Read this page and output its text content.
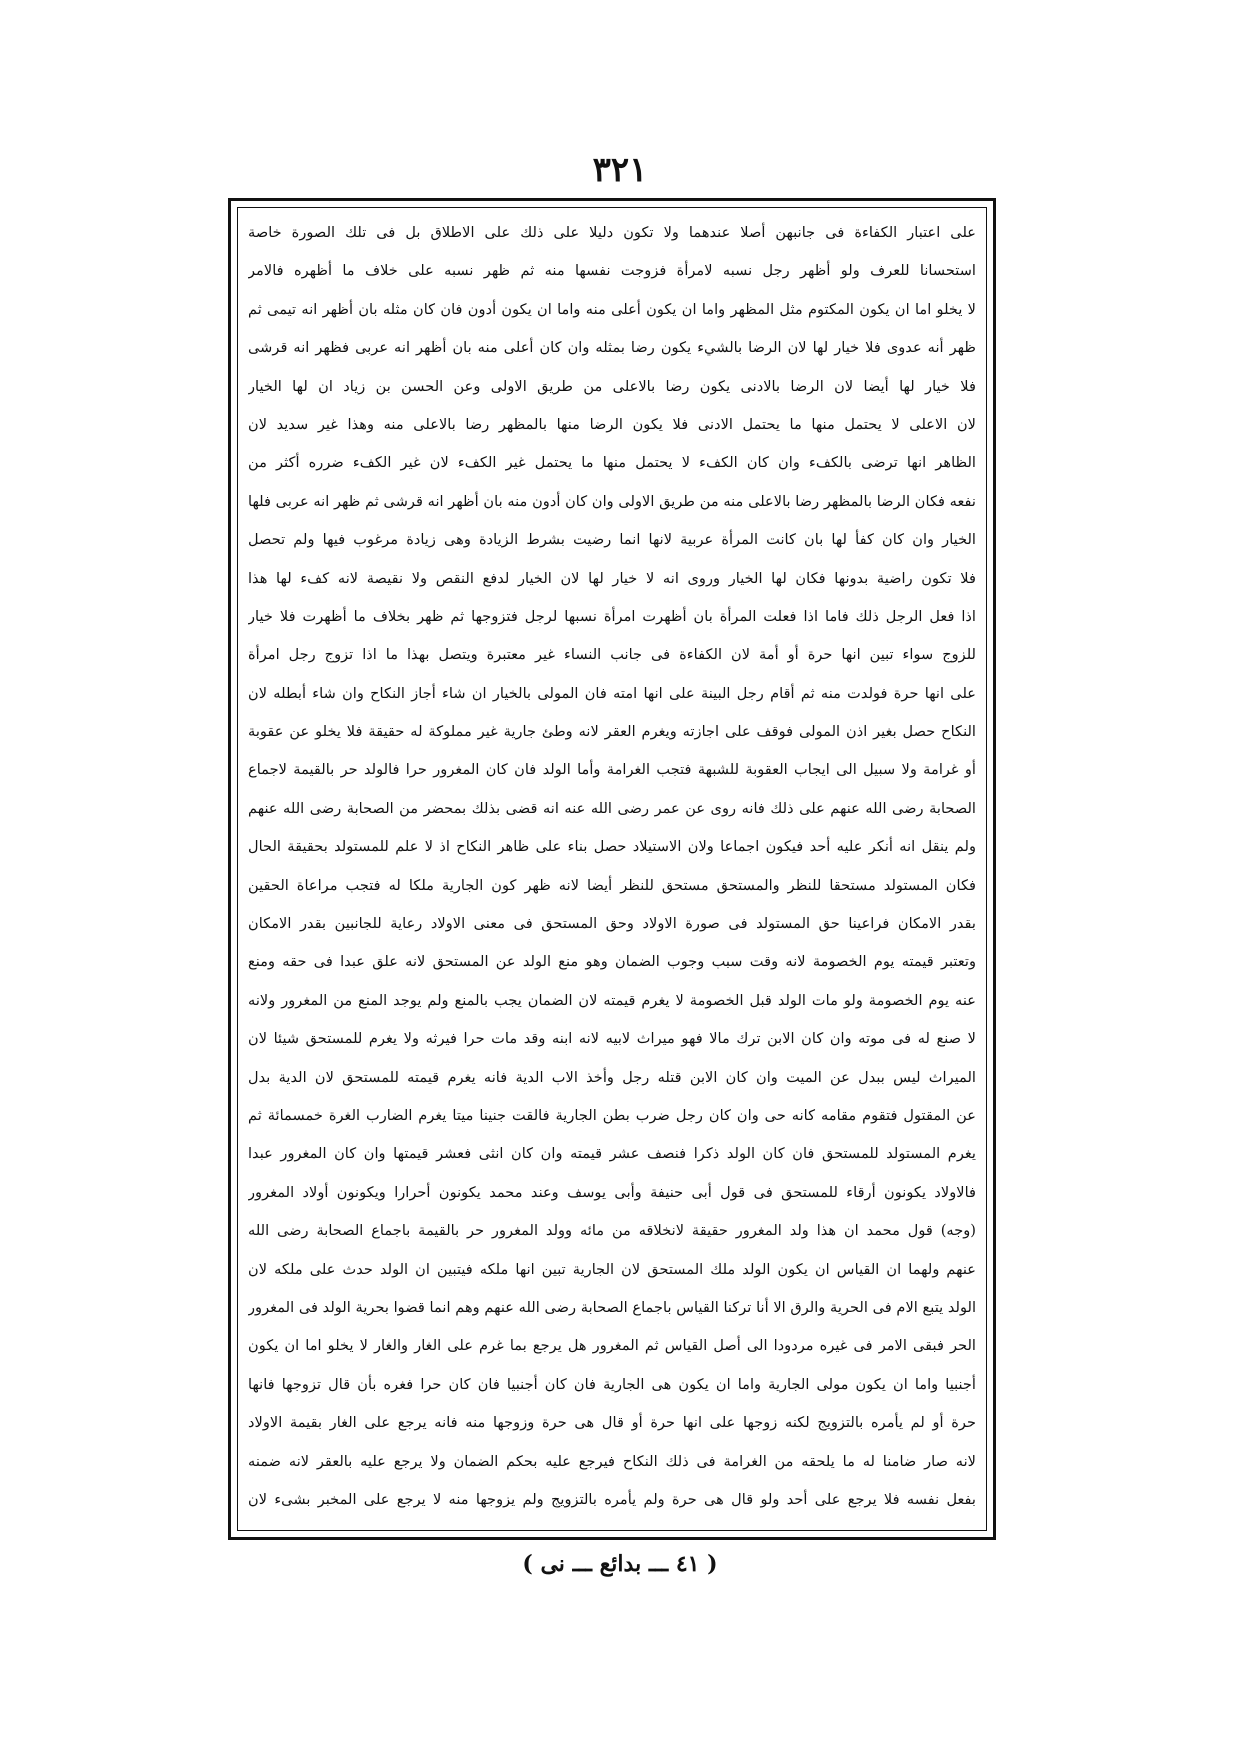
٣٢١
على اعتبار الكفاءة فى جانبهن أصلا عندهما ولا تكون دليلا على ذلك على الاطلاق بل فى تلك الصورة خاصة
استحسانا للعرف ولو أظهر رجل نسبه لامرأة فزوجت نفسها منه ثم ظهر نسبه على خلاف ما أظهره فالامر
لا يخلو اما ان يكون المكتوم مثل المظهر واما ان يكون أعلى منه واما ان يكون أدون فان كان مثله بان أظهر انه تيمى ثم
ظهر أنه عدوى فلا خيار لها لان الرضا بالشيء يكون رضا بمثله وان كان أعلى منه بان أظهر انه عربى فظهر انه قرشى
فلا خيار لها أيضا لان الرضا بالادنى يكون رضا بالاعلى من طريق الاولى وعن الحسن بن زياد ان لها الخيار
لان الاعلى لا يحتمل منها ما يحتمل الادنى فلا يكون الرضا منها بالمظهر رضا بالاعلى منه وهذا غير سديد لان
الظاهر انها ترضى بالكفء وان كان الكفء لا يحتمل منها ما يحتمل غير الكفء لان غير الكفء ضرره أكثر من
نفعه فكان الرضا بالمظهر رضا بالاعلى منه من طريق الاولى وان كان أدون منه بان أظهر انه قرشى ثم ظهر انه عربى فلها
الخيار وان كان كفأ لها بان كانت المرأة عربية لانها انما رضيت بشرط الزيادة وهى زيادة مرغوب فيها ولم تحصل
فلا تكون راضية بدونها فكان لها الخيار وروى انه لا خيار لها لان الخيار لدفع النقص ولا نقيصة لانه كفء لها هذا
اذا فعل الرجل ذلك فاما اذا فعلت المرأة بان أظهرت امرأة نسبها لرجل فتزوجها ثم ظهر بخلاف ما أظهرت فلا خيار
للزوج سواء تبين انها حرة أو أمة لان الكفاءة فى جانب النساء غير معتبرة ويتصل بهذا ما اذا تزوج رجل امرأة
على انها حرة فولدت منه ثم أقام رجل البينة على انها امته فان المولى بالخيار ان شاء أجاز النكاح وان شاء أبطله لان
النكاح حصل بغير اذن المولى فوقف على اجازته ويغرم العقر لانه وطئ جارية غير مملوكة له حقيقة فلا يخلو عن عقوبة
أو غرامة ولا سبيل الى ايجاب العقوبة للشبهة فتجب الغرامة وأما الولد فان كان المغرور حرا فالولد حر بالقيمة لاجماع
الصحابة رضى الله عنهم على ذلك فانه روى عن عمر رضى الله عنه انه قضى بذلك بمحضر من الصحابة رضى الله عنهم
ولم ينقل انه أنكر عليه أحد فيكون اجماعا ولان الاستيلاد حصل بناء على ظاهر النكاح اذ لا علم للمستولد بحقيقة الحال
فكان المستولد مستحقا للنظر والمستحق مستحق للنظر أيضا لانه ظهر كون الجارية ملكا له فتجب مراعاة الحقين
بقدر الامكان فراعينا حق المستولد فى صورة الاولاد وحق المستحق فى معنى الاولاد رعاية للجانبين بقدر الامكان
وتعتبر قيمته يوم الخصومة لانه وقت سبب وجوب الضمان وهو منع الولد عن المستحق لانه علق عبدا فى حقه ومنع
عنه يوم الخصومة ولو مات الولد قبل الخصومة لا يغرم قيمته لان الضمان يجب بالمنع ولم يوجد المنع من المغرور ولانه
لا صنع له فى موته وان كان الابن ترك مالا فهو ميراث لابيه لانه ابنه وقد مات حرا فيرثه ولا يغرم للمستحق شيئا لان
الميراث ليس ببدل عن الميت وان كان الابن قتله رجل وأخذ الاب الدية فانه يغرم قيمته للمستحق لان الدية بدل
عن المقتول فتقوم مقامه كانه حى وان كان رجل ضرب بطن الجارية فالقت جنينا ميتا يغرم الضارب الغرة خمسمائة ثم
يغرم المستولد للمستحق فان كان الولد ذكرا فنصف عشر قيمته وان كان انثى فعشر قيمتها وان كان المغرور عبدا
فالاولاد يكونون أرقاء للمستحق فى قول أبى حنيفة وأبى يوسف وعند محمد يكونون أحرارا ويكونون أولاد المغرور
(وجه) قول محمد ان هذا ولد المغرور حقيقة لانخلاقه من مائه وولد المغرور حر بالقيمة باجماع الصحابة رضى الله
عنهم ولهما ان القياس ان يكون الولد ملك المستحق لان الجارية تبين انها ملكه فيتبين ان الولد حدث على ملكه لان
الولد يتبع الام فى الحرية والرق الا أنا تركنا القياس باجماع الصحابة رضى الله عنهم وهم انما قضوا بحرية الولد فى المغرور
الحر فبقى الامر فى غيره مردودا الى أصل القياس ثم المغرور هل يرجع بما غرم على الغار والغار لا يخلو اما ان يكون
أجنبيا واما ان يكون مولى الجارية واما ان يكون هى الجارية فان كان أجنبيا فان كان حرا فغره بأن قال تزوجها فانها
حرة أو لم يأمره بالتزويج لكنه زوجها على انها حرة أو قال هى حرة وزوجها منه فانه يرجع على الغار بقيمة الاولاد
لانه صار ضامنا له ما يلحقه من الغرامة فى ذلك النكاح فيرجع عليه بحكم الضمان ولا يرجع عليه بالعقر لانه ضمنه
بفعل نفسه فلا يرجع على أحد ولو قال هى حرة ولم يأمره بالتزويج ولم يزوجها منه لا يرجع على المخبر بشىء لان
( ٤١ ـــ بدائع ـــ نى )
